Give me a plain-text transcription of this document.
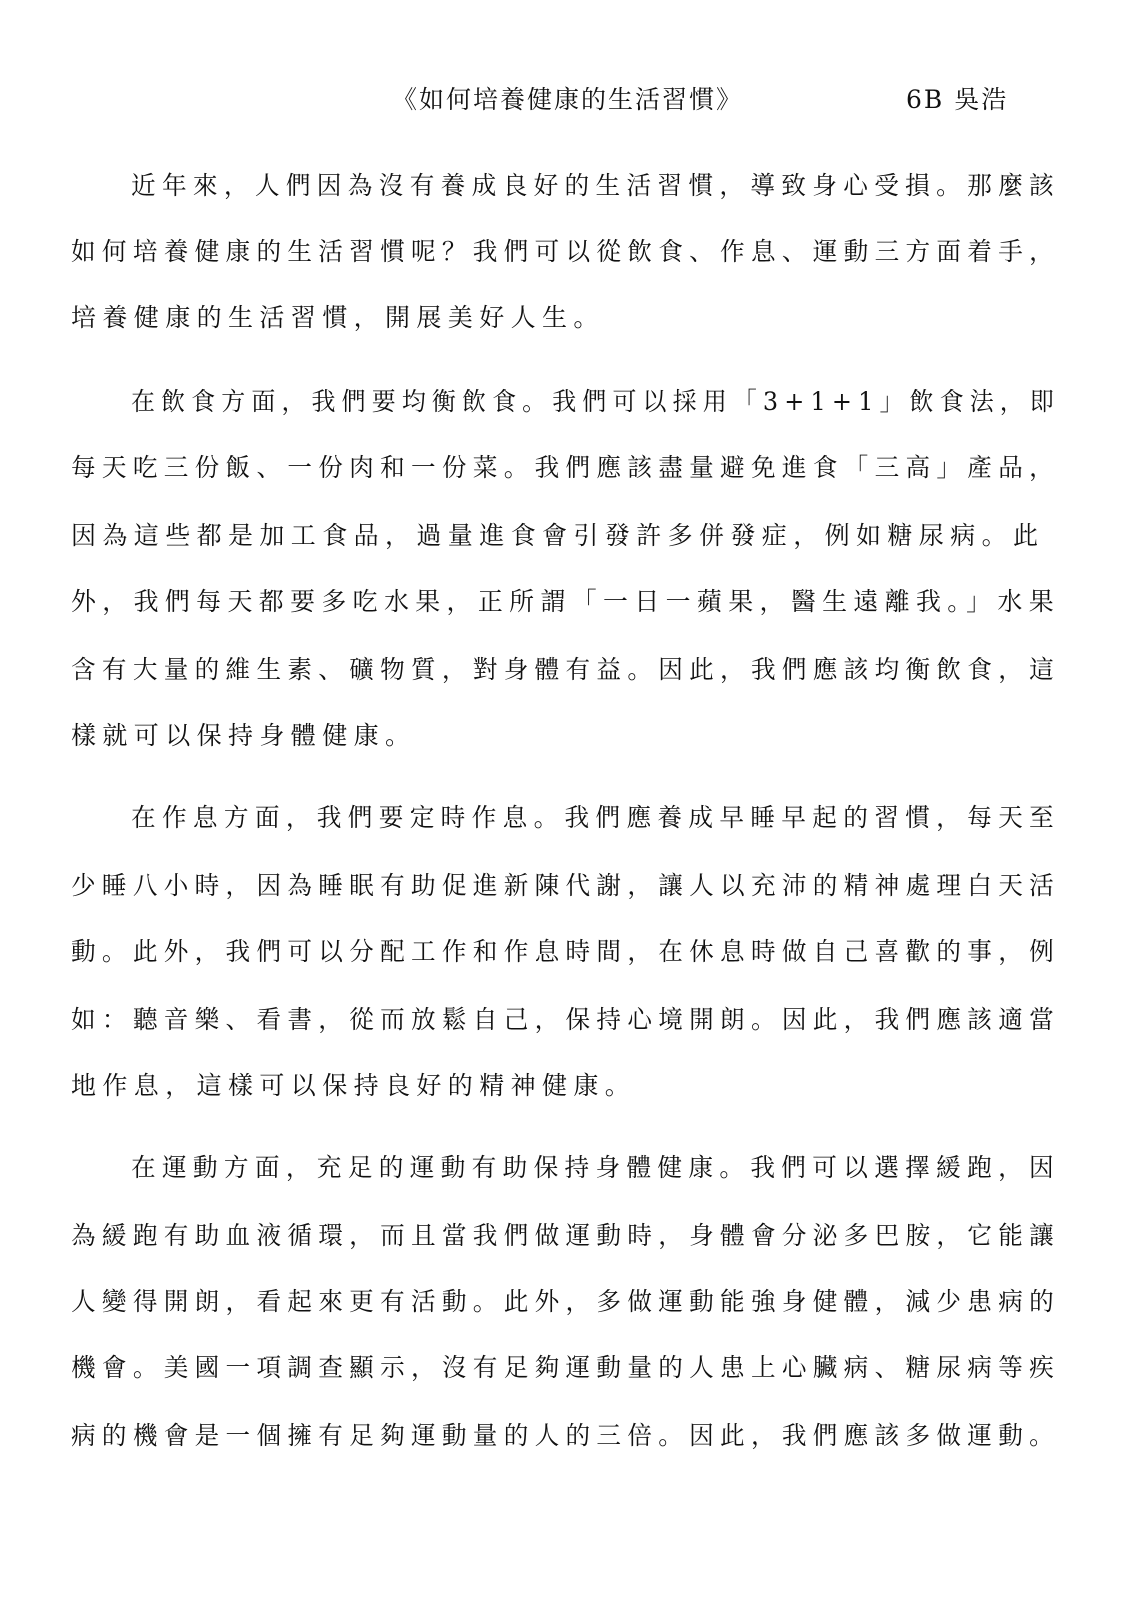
《如何培養健康的生活習慣》	6B 吳浩
近年來，人們因為沒有養成良好的生活習慣，導致身心受損。那麼該
如何培養健康的生活習慣呢？我們可以從飲食、作息、運動三方面着手，
培養健康的生活習慣，開展美好人生。
在飲食方面，我們要均衡飲食。我們可以採用「3+1+1」飲食法，即
每天吃三份飯、一份肉和一份菜。我們應該盡量避免進食「三高」產品，
因為這些都是加工食品，過量進食會引發許多併發症，例如糖尿病。此
外，我們每天都要多吃水果，正所謂「一日一蘋果，醫生遠離我。」水果
含有大量的維生素、礦物質，對身體有益。因此，我們應該均衡飲食，這
樣就可以保持身體健康。
在作息方面，我們要定時作息。我們應養成早睡早起的習慣，每天至
少睡八小時，因為睡眠有助促進新陳代謝，讓人以充沛的精神處理白天活
動。此外，我們可以分配工作和作息時間，在休息時做自己喜歡的事，例
如：聽音樂、看書，從而放鬆自己，保持心境開朗。因此，我們應該適當
地作息，這樣可以保持良好的精神健康。
在運動方面，充足的運動有助保持身體健康。我們可以選擇緩跑，因
為緩跑有助血液循環，而且當我們做運動時，身體會分泌多巴胺，它能讓
人變得開朗，看起來更有活動。此外，多做運動能強身健體，減少患病的
機會。美國一項調查顯示，沒有足夠運動量的人患上心臟病、糖尿病等疾
病的機會是一個擁有足夠運動量的人的三倍。因此，我們應該多做運動。
